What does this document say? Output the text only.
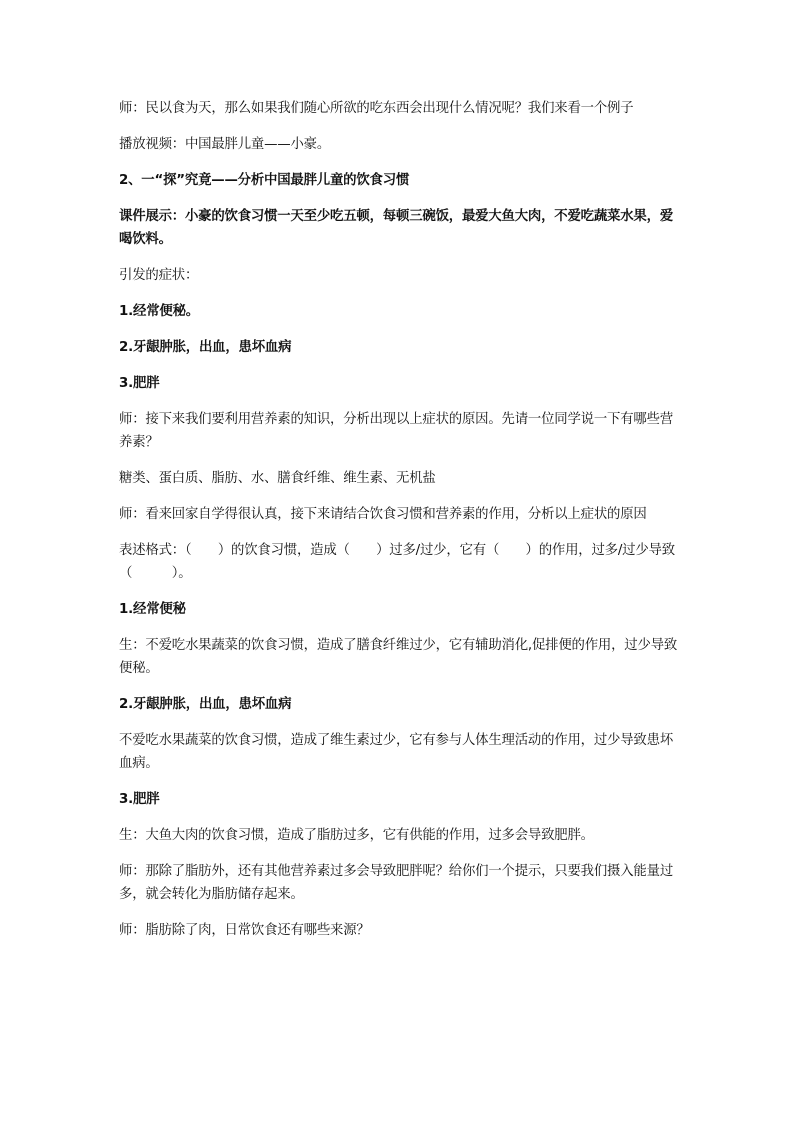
师：民以食为天，那么如果我们随心所欲的吃东西会出现什么情况呢？我们来看一个例子

播放视频：中国最胖儿童——小豪。

2、一“探”究竟——分析中国最胖儿童的饮食习惯

课件展示：小豪的饮食习惯一天至少吃五顿，每顿三碗饭，最爱大鱼大肉，不爱吃蔬菜水果，爱喝饮料。

引发的症状：

1.经常便秘。

2.牙龈肿胀，出血，患坏血病

3.肥胖

师：接下来我们要利用营养素的知识，分析出现以上症状的原因。先请一位同学说一下有哪些营养素？

糖类、蛋白质、脂肪、水、膳食纤维、维生素、无机盐

师：看来回家自学得很认真，接下来请结合饮食习惯和营养素的作用，分析以上症状的原因

表述格式：（　　）的饮食习惯，造成（　　）过多/过少，它有（　　）的作用，过多/过少导致（　　　）。

1.经常便秘

生：不爱吃水果蔬菜的饮食习惯，造成了膳食纤维过少，它有辅助消化,促排便的作用，过少导致便秘。

2.牙龈肿胀，出血，患坏血病

不爱吃水果蔬菜的饮食习惯，造成了维生素过少，它有参与人体生理活动的作用，过少导致患坏血病。

3.肥胖

生：大鱼大肉的饮食习惯，造成了脂肪过多，它有供能的作用，过多会导致肥胖。

师：那除了脂肪外，还有其他营养素过多会导致肥胖呢？给你们一个提示，只要我们摄入能量过多，就会转化为脂肪储存起来。

师：脂肪除了肉，日常饮食还有哪些来源？
